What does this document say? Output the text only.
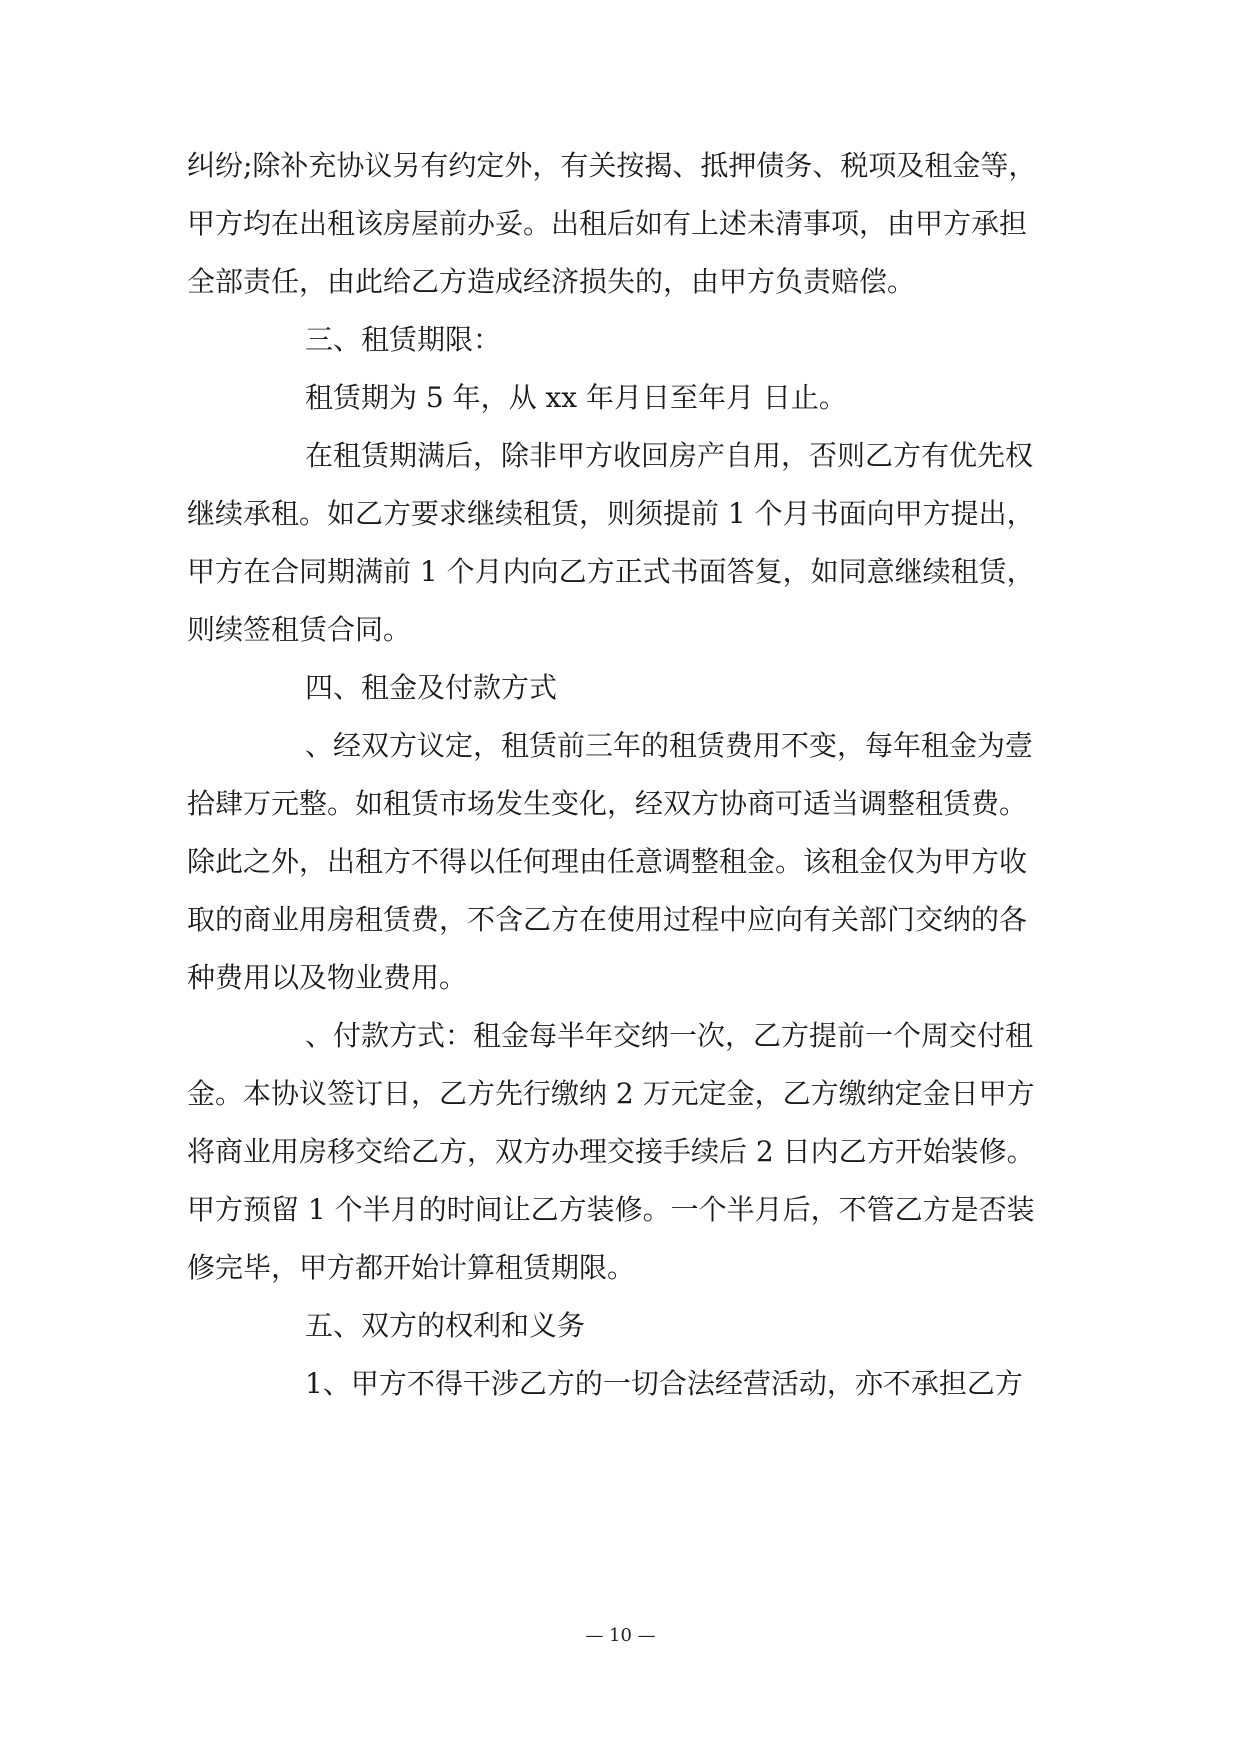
纠纷;除补充协议另有约定外，有关按揭、抵押债务、税项及租金等，
甲方均在出租该房屋前办妥。出租后如有上述未清事项，由甲方承担
全部责任，由此给乙方造成经济损失的，由甲方负责赔偿。
三、租赁期限：
租赁期为 5 年，从 xx 年月日至年月 日止。
在租赁期满后，除非甲方收回房产自用，否则乙方有优先权
继续承租。如乙方要求继续租赁，则须提前 1 个月书面向甲方提出，
甲方在合同期满前 1 个月内向乙方正式书面答复，如同意继续租赁，
则续签租赁合同。
四、租金及付款方式
、经双方议定，租赁前三年的租赁费用不变，每年租金为壹
拾肆万元整。如租赁市场发生变化，经双方协商可适当调整租赁费。
除此之外，出租方不得以任何理由任意调整租金。该租金仅为甲方收
取的商业用房租赁费，不含乙方在使用过程中应向有关部门交纳的各
种费用以及物业费用。
、付款方式：租金每半年交纳一次，乙方提前一个周交付租
金。本协议签订日，乙方先行缴纳 2 万元定金，乙方缴纳定金日甲方
将商业用房移交给乙方，双方办理交接手续后 2 日内乙方开始装修。
甲方预留 1 个半月的时间让乙方装修。一个半月后，不管乙方是否装
修完毕，甲方都开始计算租赁期限。
五、双方的权利和义务
1、甲方不得干涉乙方的一切合法经营活动，亦不承担乙方
— 10 —
